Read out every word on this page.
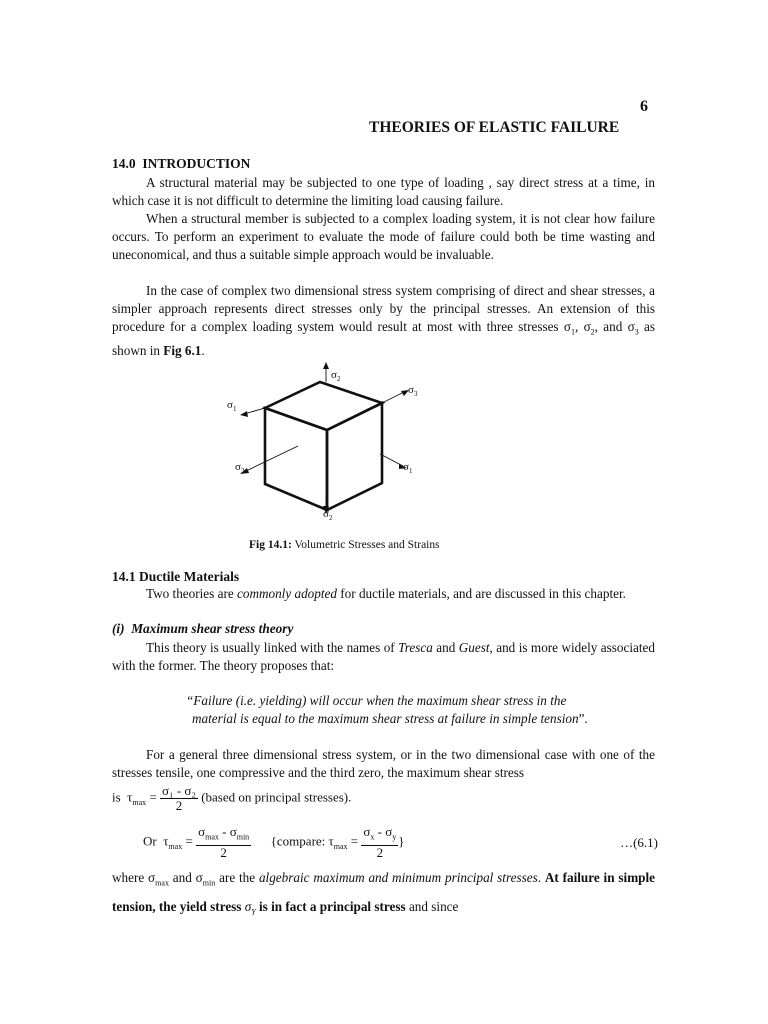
6
THEORIES OF ELASTIC FAILURE
14.0  INTRODUCTION

A structural material may be subjected to one type of loading , say direct stress at a time, in which case it is not difficult to determine the limiting load causing failure.

When a structural member is subjected to a complex loading system, it is not clear how failure occurs. To perform an experiment to evaluate the mode of failure could both be time wasting and uneconomical, and thus a suitable simple approach would be invaluable.

In the case of complex two dimensional stress system comprising of direct and shear stresses, a simpler approach represents direct stresses only by the principal stresses. An extension of this procedure for a complex loading system would result at most with three stresses $\sigma_1$, $\sigma_2$, and $\sigma_3$ as shown in Fig 6.1.

$\sigma_2$
$\sigma_3$
$\sigma_1$
$\sigma_3$	$\sigma_1$
$\sigma_2$
Fig 14.1: Volumetric Stresses and Strains
14.1 Ductile Materials

Two theories are commonly adopted for ductile materials, and are discussed in this chapter.

(i)  Maximum shear stress theory

This theory is usually linked with the names of Tresca and Guest, and is more widely associated with the former. The theory proposes that:

“Failure (i.e. yielding) will occur when the maximum shear stress in the
material is equal to the maximum shear stress at failure in simple tension”.

For a general three dimensional stress system, or in the two dimensional case with one of the stresses tensile, one compressive and the third zero, the maximum shear stress

is $\tau_{max} = \frac{\text{σ₁ - σ₂}}{2}$ (based on principal stresses).
Or $\tau_{max} = \frac{\sigma_{max} - \sigma_{min}}{2}$ {compare: $\tau_{max} = \frac{\sigma_x - \sigma_y}{2}$ }	…(6.1)

where $\sigma_{max}$ and $\sigma_{min}$ are the algebraic maximum and minimum principal stresses. At failure in simple tension, the yield stress $\sigma_Y$ is in fact a principal stress and since
